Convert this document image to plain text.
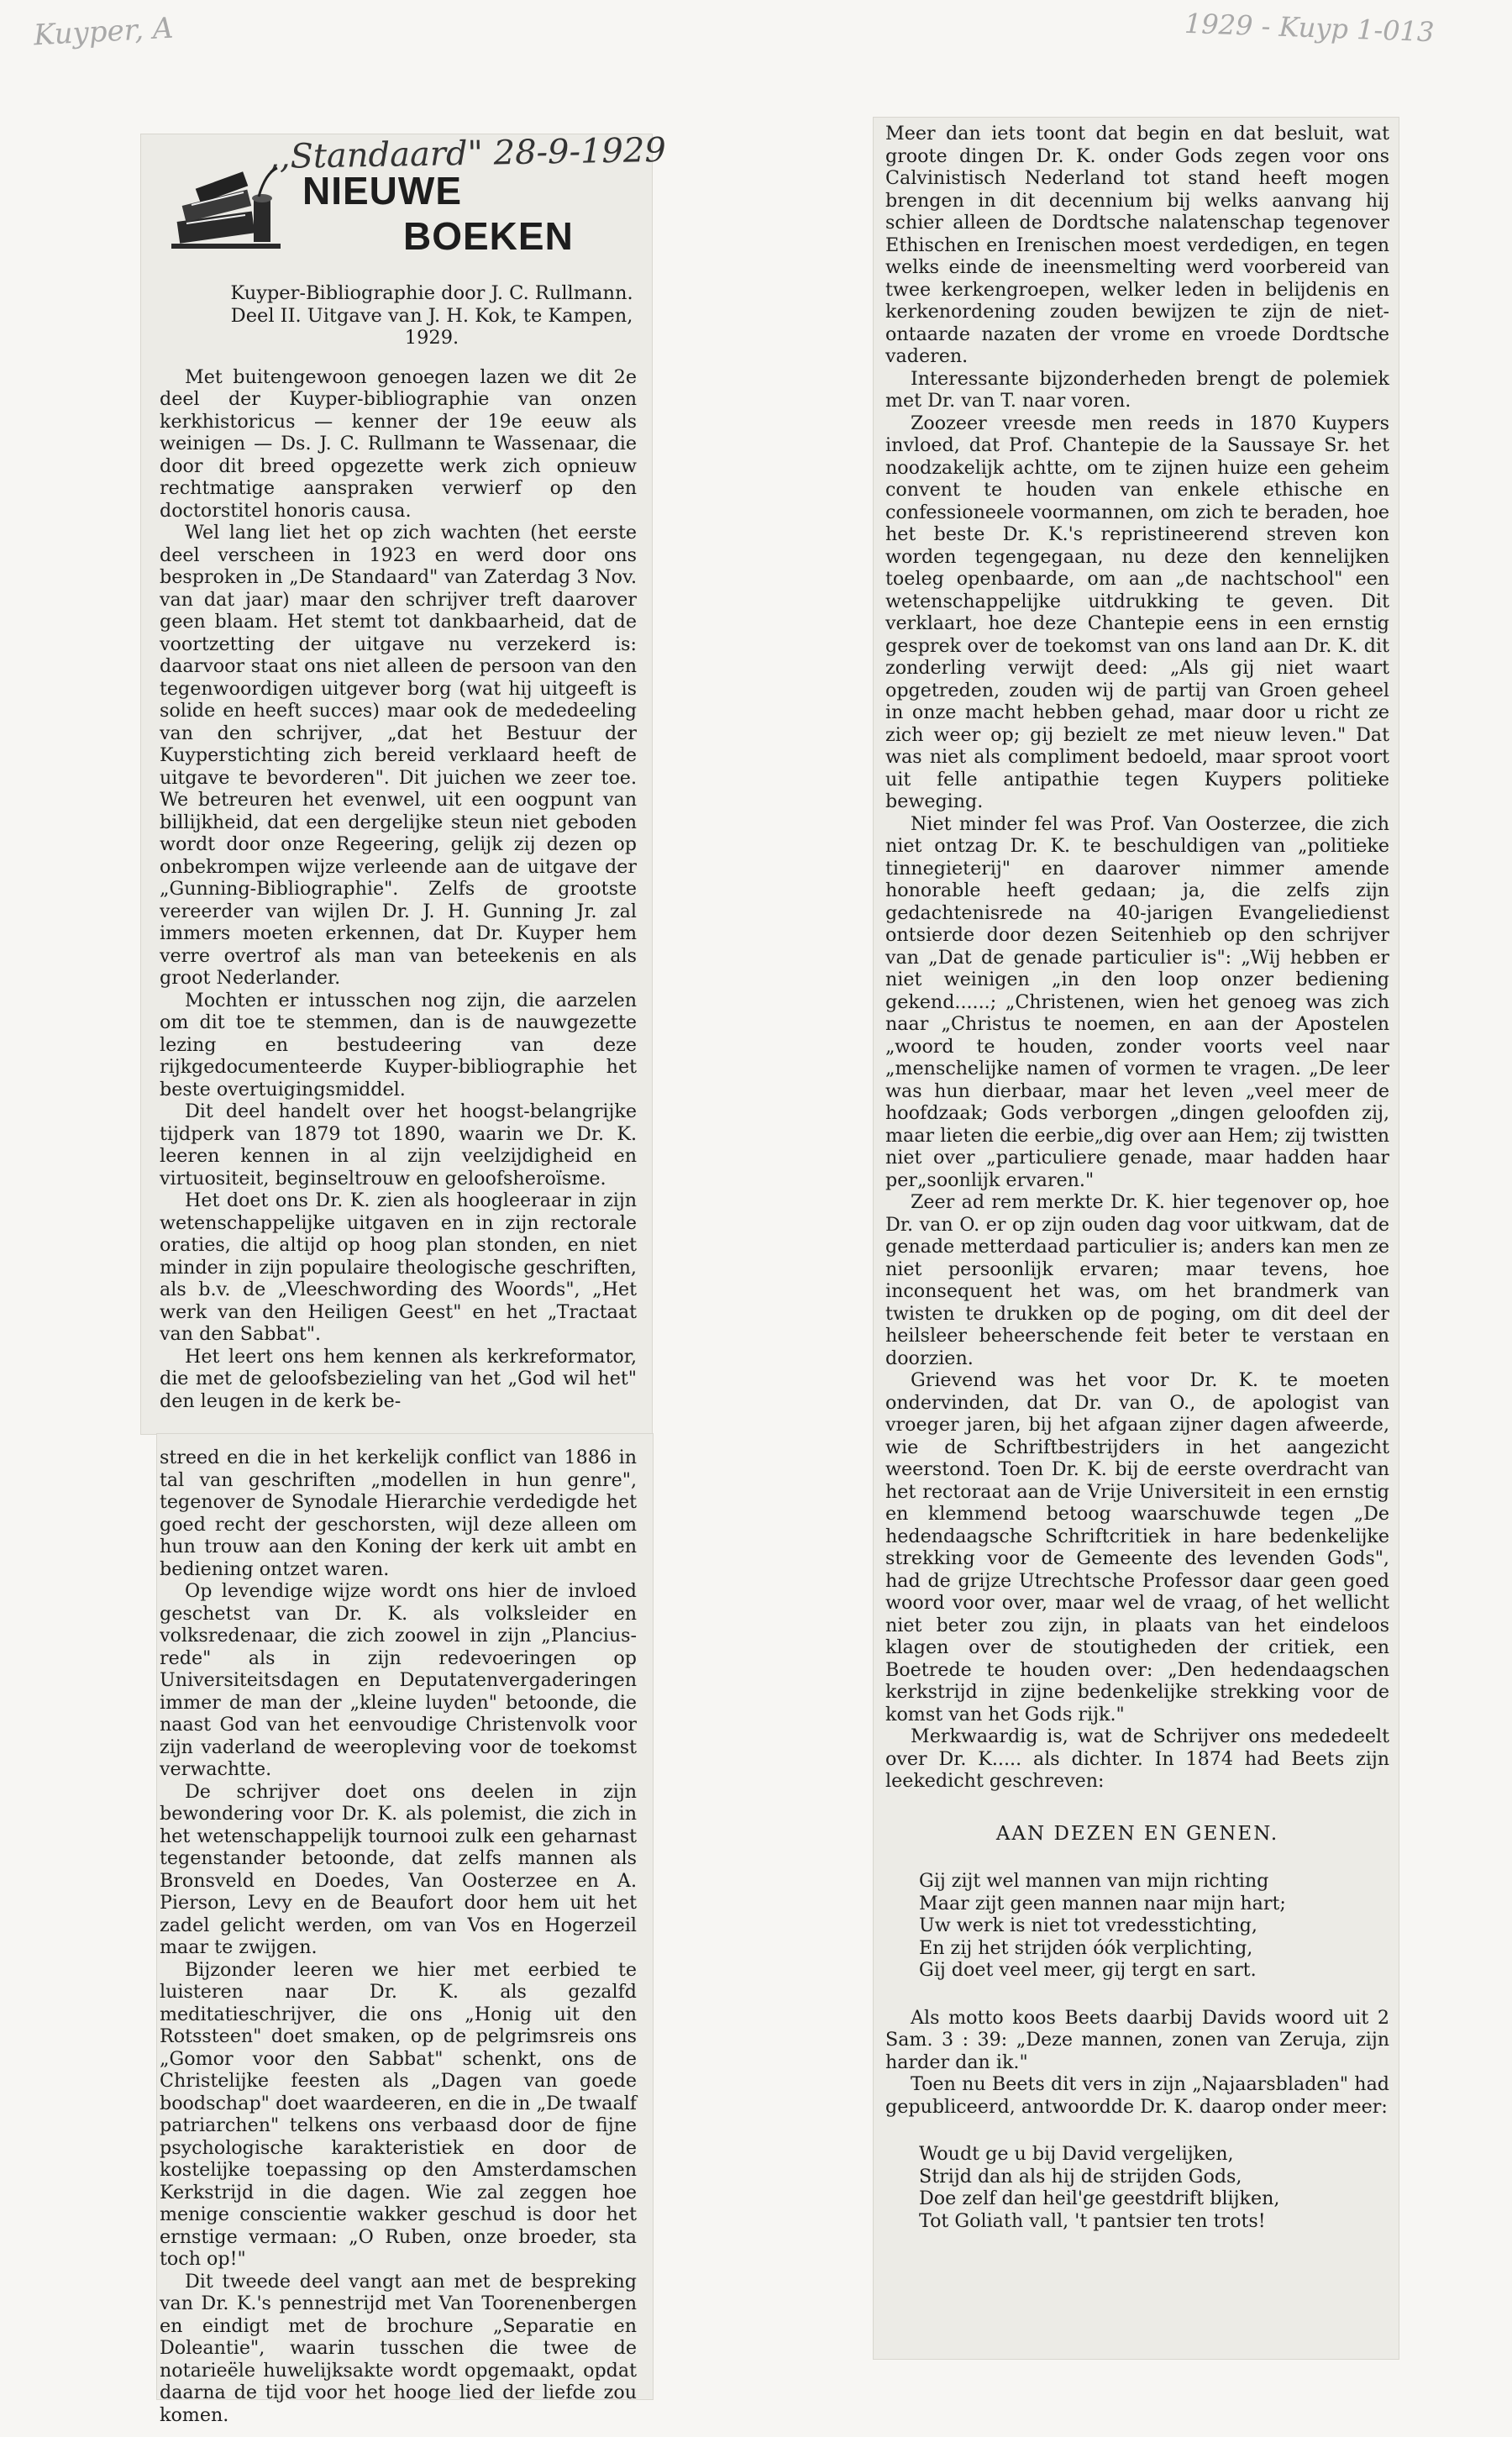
Kuyper, A	1929 - Kuyp 1-013
,,Standaard" 28-9-1929
NIEUWE
BOEKEN

Kuyper-Bibliographie door J. C. Rullmann. Deel II. Uitgave van J. H. Kok, te Kampen, 1929.

Met buitengewoon genoegen lazen we dit 2e deel der Kuyper-bibliographie van onzen kerkhistoricus — kenner der 19e eeuw als weinigen — Ds. J. C. Rullmann te Wassenaar, die door dit breed opgezette werk zich opnieuw rechtmatige aanspraken verwierf op den doctorstitel honoris causa.

Wel lang liet het op zich wachten (het eerste deel verscheen in 1923 en werd door ons besproken in „De Standaard" van Zaterdag 3 Nov. van dat jaar) maar den schrijver treft daarover geen blaam. Het stemt tot dankbaarheid, dat de voortzetting der uitgave nu verzekerd is: daarvoor staat ons niet alleen de persoon van den tegenwoordigen uitgever borg (wat hij uitgeeft is solide en heeft succes) maar ook de mededeeling van den schrijver, „dat het Bestuur der Kuyperstichting zich bereid verklaard heeft de uitgave te bevorderen". Dit juichen we zeer toe. We betreuren het evenwel, uit een oogpunt van billijkheid, dat een dergelijke steun niet geboden wordt door onze Regeering, gelijk zij dezen op onbekrompen wijze verleende aan de uitgave der „Gunning-Bibliographie". Zelfs de grootste vereerder van wijlen Dr. J. H. Gunning Jr. zal immers moeten erkennen, dat Dr. Kuyper hem verre overtrof als man van beteekenis en als groot Nederlander.

Mochten er intusschen nog zijn, die aarzelen om dit toe te stemmen, dan is de nauwgezette lezing en bestudeering van deze rijkgedocumenteerde Kuyper-bibliographie het beste overtuigingsmiddel.

Dit deel handelt over het hoogst-belangrijke tijdperk van 1879 tot 1890, waarin we Dr. K. leeren kennen in al zijn veelzijdigheid en virtuositeit, beginseltrouw en geloofsheroïsme.

Het doet ons Dr. K. zien als hoogleeraar in zijn wetenschappelijke uitgaven en in zijn rectorale oraties, die altijd op hoog plan stonden, en niet minder in zijn populaire theologische geschriften, als b.v. de „Vleeschwording des Woords", „Het werk van den Heiligen Geest" en het „Tractaat van den Sabbat".

Het leert ons hem kennen als kerkreformator, die met de geloofsbezieling van het „God wil het" den leugen in de kerk be-

streed en die in het kerkelijk conflict van 1886 in tal van geschriften „modellen in hun genre", tegenover de Synodale Hierarchie verdedigde het goed recht der geschorsten, wijl deze alleen om hun trouw aan den Koning der kerk uit ambt en bediening ontzet waren.

Op levendige wijze wordt ons hier de invloed geschetst van Dr. K. als volksleider en volksredenaar, die zich zoowel in zijn „Plancius-rede" als in zijn redevoeringen op Universiteitsdagen en Deputatenvergaderingen immer de man der „kleine luyden" betoonde, die naast God van het eenvoudige Christenvolk voor zijn vaderland de weeropleving voor de toekomst verwachtte.

De schrijver doet ons deelen in zijn bewondering voor Dr. K. als polemist, die zich in het wetenschappelijk tournooi zulk een geharnast tegenstander betoonde, dat zelfs mannen als Bronsveld en Doedes, Van Oosterzee en A. Pierson, Levy en de Beaufort door hem uit het zadel gelicht werden, om van Vos en Hogerzeil maar te zwijgen.

Bijzonder leeren we hier met eerbied te luisteren naar Dr. K. als gezalfd meditatieschrijver, die ons „Honig uit den Rotssteen" doet smaken, op de pelgrimsreis ons „Gomor voor den Sabbat" schenkt, ons de Christelijke feesten als „Dagen van goede boodschap" doet waardeeren, en die in „De twaalf patriarchen" telkens ons verbaasd door de fijne psychologische karakteristiek en door de kostelijke toepassing op den Amsterdamschen Kerkstrijd in die dagen. Wie zal zeggen hoe menige conscientie wakker geschud is door het ernstige vermaan: „O Ruben, onze broeder, sta toch op!"

Dit tweede deel vangt aan met de bespreking van Dr. K.'s pennestrijd met Van Toorenenbergen en eindigt met de brochure „Separatie en Doleantie", waarin tusschen die twee de notarieële huwelijksakte wordt opgemaakt, opdat daarna de tijd voor het hooge lied der liefde zou komen.

Meer dan iets toont dat begin en dat besluit, wat groote dingen Dr. K. onder Gods zegen voor ons Calvinistisch Nederland tot stand heeft mogen brengen in dit decennium bij welks aanvang hij schier alleen de Dordtsche nalatenschap tegenover Ethischen en Irenischen moest verdedigen, en tegen welks einde de ineensmelting werd voorbereid van twee kerkengroepen, welker leden in belijdenis en kerkenordening zouden bewijzen te zijn de niet-ontaarde nazaten der vrome en vroede Dordtsche vaderen.

Interessante bijzonderheden brengt de polemiek met Dr. van T. naar voren.

Zoozeer vreesde men reeds in 1870 Kuypers invloed, dat Prof. Chantepie de la Saussaye Sr. het noodzakelijk achtte, om te zijnen huize een geheim convent te houden van enkele ethische en confessioneele voormannen, om zich te beraden, hoe het beste Dr. K.'s repristineerend streven kon worden tegengegaan, nu deze den kennelijken toeleg openbaarde, om aan „de nachtschool" een wetenschappelijke uitdrukking te geven. Dit verklaart, hoe deze Chantepie eens in een ernstig gesprek over de toekomst van ons land aan Dr. K. dit zonderling verwijt deed: „Als gij niet waart opgetreden, zouden wij de partij van Groen geheel in onze macht hebben gehad, maar door u richt ze zich weer op; gij bezielt ze met nieuw leven." Dat was niet als compliment bedoeld, maar sproot voort uit felle antipathie tegen Kuypers politieke beweging.

Niet minder fel was Prof. Van Oosterzee, die zich niet ontzag Dr. K. te beschuldigen van „politieke tinnegieterij" en daarover nimmer amende honorable heeft gedaan; ja, die zelfs zijn gedachtenisrede na 40-jarigen Evangeliedienst ontsierde door dezen Seitenhieb op den schrijver van „Dat de genade particulier is": „Wij hebben er niet weinigen „in den loop onzer bediening gekend......; „Christenen, wien het genoeg was zich naar „Christus te noemen, en aan der Apostelen „woord te houden, zonder voorts veel naar „menschelijke namen of vormen te vragen. „De leer was hun dierbaar, maar het leven „veel meer de hoofdzaak; Gods verborgen „dingen geloofden zij, maar lieten die eerbie„dig over aan Hem; zij twistten niet over „particuliere genade, maar hadden haar per„soonlijk ervaren."

Zeer ad rem merkte Dr. K. hier tegenover op, hoe Dr. van O. er op zijn ouden dag voor uitkwam, dat de genade metterdaad particulier is; anders kan men ze niet persoonlijk ervaren; maar tevens, hoe inconsequent het was, om het brandmerk van twisten te drukken op de poging, om dit deel der heilsleer beheerschende feit beter te verstaan en doorzien.

Grievend was het voor Dr. K. te moeten ondervinden, dat Dr. van O., de apologist van vroeger jaren, bij het afgaan zijner dagen afweerde, wie de Schriftbestrijders in het aangezicht weerstond. Toen Dr. K. bij de eerste overdracht van het rectoraat aan de Vrije Universiteit in een ernstig en klemmend betoog waarschuwde tegen „De hedendaagsche Schriftcritiek in hare bedenkelijke strekking voor de Gemeente des levenden Gods", had de grijze Utrechtsche Professor daar geen goed woord voor over, maar wel de vraag, of het wellicht niet beter zou zijn, in plaats van het eindeloos klagen over de stoutigheden der critiek, een Boetrede te houden over: „Den hedendaagschen kerkstrijd in zijne bedenkelijke strekking voor de komst van het Gods rijk."

Merkwaardig is, wat de Schrijver ons mededeelt over Dr. K..... als dichter. In 1874 had Beets zijn leekedicht geschreven:

AAN DEZEN EN GENEN.

Gij zijt wel mannen van mijn richting
Maar zijt geen mannen naar mijn hart;
Uw werk is niet tot vredesstichting,
En zij het strijden óók verplichting,
Gij doet veel meer, gij tergt en sart.

Als motto koos Beets daarbij Davids woord uit 2 Sam. 3 : 39: „Deze mannen, zonen van Zeruja, zijn harder dan ik."

Toen nu Beets dit vers in zijn „Najaarsbladen" had gepubliceerd, antwoordde Dr. K. daarop onder meer:

Woudt ge u bij David vergelijken,
Strijd dan als hij de strijden Gods,
Doe zelf dan heil'ge geestdrift blijken,
Tot Goliath vall, 't pantsier ten trots!
